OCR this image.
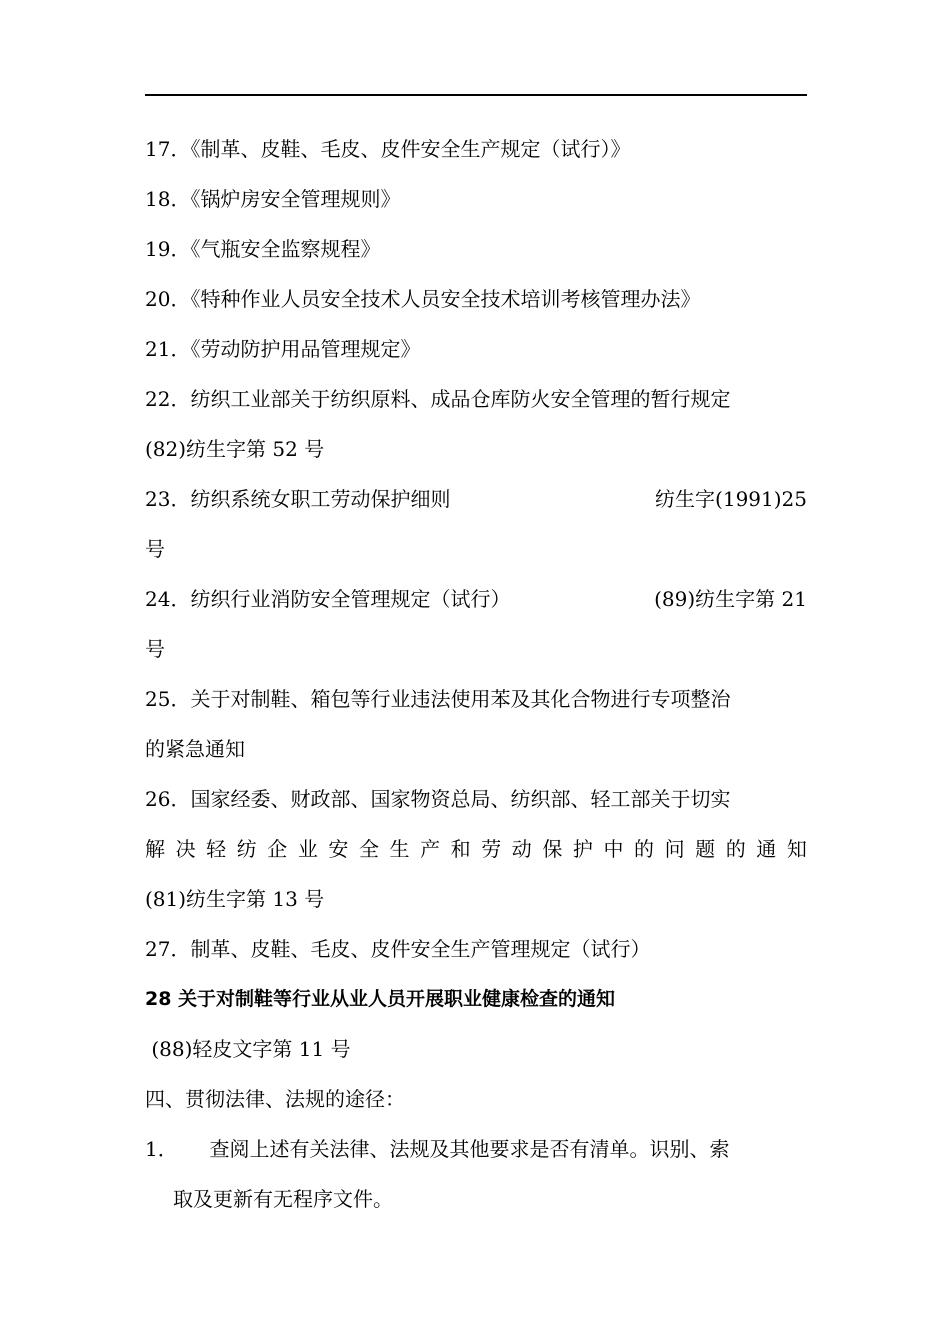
17．《制革、皮鞋、毛皮、皮件安全生产规定（试行）》
18．《锅炉房安全管理规则》
19．《气瓶安全监察规程》
20．《特种作业人员安全技术人员安全技术培训考核管理办法》
21．《劳动防护用品管理规定》
22．纺织工业部关于纺织原料、成品仓库防火安全管理的暂行规定
(82)纺生字第 52 号
23．纺织系统女职工劳动保护细则	纺生字(1991)25
号
24．纺织行业消防安全管理规定（试行）	(89)纺生字第 21
号
25．关于对制鞋、箱包等行业违法使用苯及其化合物进行专项整治
的紧急通知
26．国家经委、财政部、国家物资总局、纺织部、轻工部关于切实
解 决 轻 纺 企 业 安 全 生 产 和 劳 动 保 护 中 的 问 题 的 通 知
(81)纺生字第 13 号
27．制革、皮鞋、毛皮、皮件安全生产管理规定（试行）
28 关于对制鞋等行业从业人员开展职业健康检查的通知
(88)轻皮文字第 11 号
四、贯彻法律、法规的途径：
1．     查阅上述有关法律、法规及其他要求是否有清单。识别、索
取及更新有无程序文件。
